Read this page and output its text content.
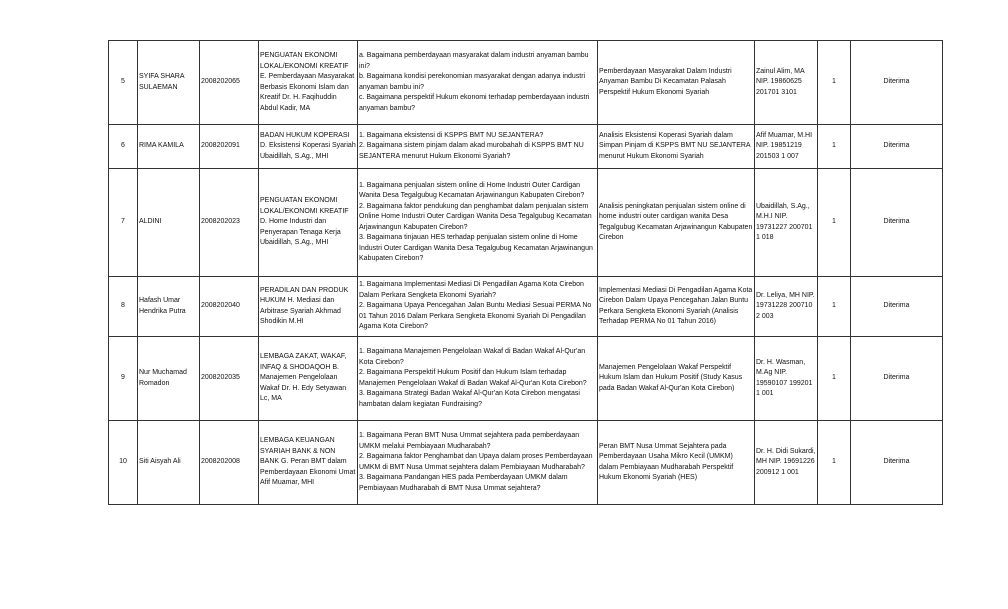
5	SYIFA SHARA SULAEMAN	2008202065	PENGUATAN EKONOMI LOKAL/EKONOMI KREATIF E. Pemberdayaan Masyarakat Berbasis Ekonomi Islam dan Kreatif Dr. H. Faqihuddin Abdul Kadir, MA	a. Bagaimana pemberdayaan masyarakat dalam industri anyaman bambu ini?
b. Bagaimana kondisi perekonomian masyarakat dengan adanya industri anyaman bambu ini?
c. Bagaimana perspektif Hukum ekonomi terhadap pemberdayaan industri anyaman bambu?	Pemberdayaan Masyarakat Dalam Industri Anyaman Bambu Di Kecamatan Palasah Perspektif Hukum Ekonomi Syariah	Zainul Alim, MA NIP. 19860625 201701 3101	1	Diterima
6	RIMA KAMILA	2008202091	BADAN HUKUM KOPERASI D. Eksistensi Koperasi Syariah Ubaidillah, S.Ag., MHI	1. Bagaimana eksistensi di KSPPS BMT NU SEJANTERA?
2. Bagaimana sistem pinjam dalam akad murobahah di KSPPS BMT NU SEJANTERA menurut Hukum Ekonomi Syariah?	Analisis Eksistensi Koperasi Syariah dalam Simpan Pinjam di KSPPS BMT NU SEJANTERA menurut Hukum Ekonomi Syariah	Afif Muamar, M.HI NIP. 19851219 201503 1 007	1	Diterima
7	ALDINI	2008202023	PENGUATAN EKONOMI LOKAL/EKONOMI KREATIF D. Home Industri dan Penyerapan Tenaga Kerja Ubaidillah, S.Ag., MHI	1. Bagaimana penjualan sistem online di Home Industri Outer Cardigan Wanita Desa Tegalgubug Kecamatan Arjawinangun Kabupaten Cirebon?
2. Bagaimana faktor pendukung dan penghambat dalam penjualan sistem Online Home Industri Outer Cardigan Wanita Desa Tegalgubug Kecamatan Arjawinangun Kabupaten Cirebon?
3. Bagaimana tinjauan HES terhadap penjualan sistem online di Home Industri Outer Cardigan Wanita Desa Tegalgubug Kecamatan Arjawinangun Kabupaten Cirebon?	Analisis peningkatan penjualan sistem online di home industri outer cardigan wanita Desa Tegalgubug Kecamatan Arjawinangun Kabupaten Cirebon	Ubaidillah, S.Ag., M.H.I NIP. 19731227 200701 1 018	1	Diterima
8	Hafash Umar Hendrika Putra	2008202040	PERADILAN DAN PRODUK HUKUM H. Mediasi dan Arbitrase Syariah Akhmad Shodikin M.HI	1. Bagaimana Implementasi Mediasi Di Pengadilan Agama Kota Cirebon Dalam Perkara Sengketa Ekonomi Syariah?
2. Bagaimana Upaya Pencegahan Jalan Buntu Mediasi Sesuai PERMA No 01 Tahun 2016 Dalam Perkara Sengketa Ekonomi Syariah Di Pengadilan Agama Kota Cirebon?	Implementasi Mediasi Di Pengadilan Agama Kota Cirebon Dalam Upaya Pencegahan Jalan Buntu Perkara Sengketa Ekonomi Syariah (Analisis Terhadap PERMA No 01 Tahun 2016)	Dr. Leliya, MH NIP. 19731228 200710 2 003	1	Diterima
9	Nur Muchamad Romadon	2008202035	LEMBAGA ZAKAT, WAKAF, INFAQ & SHODAQOH B. Manajemen Pengelolaan Wakaf Dr. H. Edy Setyawan Lc, MA	1. Bagaimana Manajemen Pengelolaan Wakaf di Badan Wakaf Al-Qur'an Kota Cirebon?
2. Bagaimana Perspektif Hukum Positif dan Hukum Islam terhadap Manajemen Pengelolaan Wakaf di Badan Wakaf Al-Qur'an Kota Cirebon?
3. Bagaimana Strategi Badan Wakaf Al-Qur'an Kota Cirebon mengatasi hambatan dalam kegiatan Fundraising?	Manajemen Pengelolaan Wakaf Perspektif Hukum Islam dan Hukum Positif (Study Kasus pada Badan Wakaf Al-Qur'an Kota Cirebon)	Dr. H. Wasman, M.Ag NIP. 19590107 199201 1 001	1	Diterima
10	Siti Aisyah Ali	2008202008	LEMBAGA KEUANGAN SYARIAH BANK & NON BANK G. Peran BMT dalam Pemberdayaan Ekonomi Umat Afif Muamar, MHI	1. Bagaimana Peran BMT Nusa Ummat sejahtera pada pemberdayaan UMKM melalui Pembiayaan Mudharabah?
2. Bagaimana faktor Penghambat dan Upaya dalam proses Pemberdayaan UMKM di BMT Nusa Ummat sejahtera dalam Pembiayaan Mudharabah?
3. Bagaimana Pandangan HES pada Pemberdayaan UMKM dalam Pembiayaan Mudharabah di BMT Nusa Ummat sejahtera?	Peran BMT Nusa Ummat Sejahtera pada Pemberdayaan Usaha Mikro Kecil (UMKM) dalam Pembiayaan Mudharabah Perspektif Hukum Ekonomi Syariah (HES)	Dr. H. Didi Sukardi, MH NIP. 19691226 200912 1 001	1	Diterima
